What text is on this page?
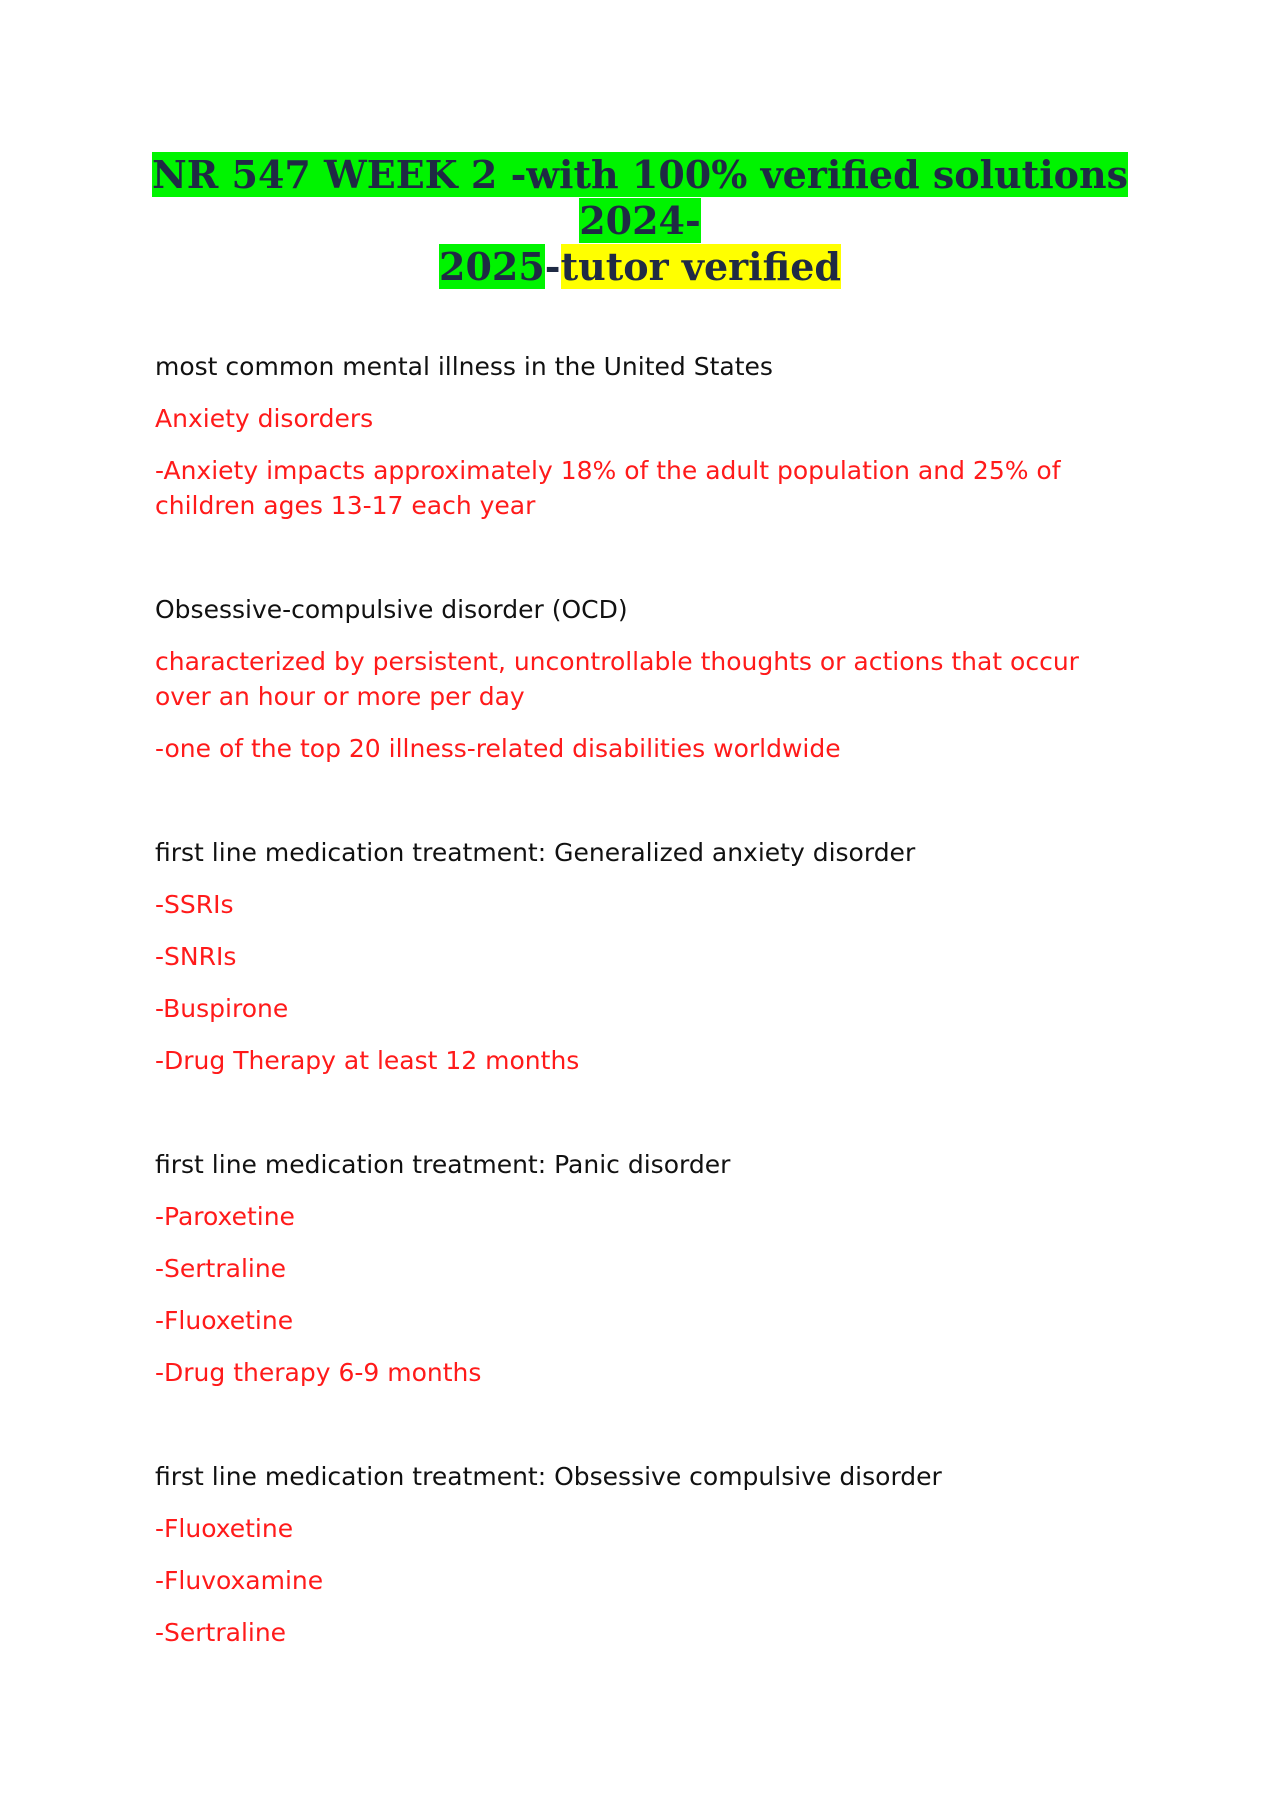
NR 547 WEEK 2 -with 100% verified solutions 2024-
2025-tutor verified

most common mental illness in the United States

Anxiety disorders

-Anxiety impacts approximately 18% of the adult population and 25% of children ages 13-17 each year

Obsessive-compulsive disorder (OCD)

characterized by persistent, uncontrollable thoughts or actions that occur over an hour or more per day

-one of the top 20 illness-related disabilities worldwide

first line medication treatment: Generalized anxiety disorder

-SSRIs

-SNRIs

-Buspirone

-Drug Therapy at least 12 months

first line medication treatment: Panic disorder

-Paroxetine

-Sertraline

-Fluoxetine

-Drug therapy 6-9 months

first line medication treatment: Obsessive compulsive disorder

-Fluoxetine

-Fluvoxamine

-Sertraline
